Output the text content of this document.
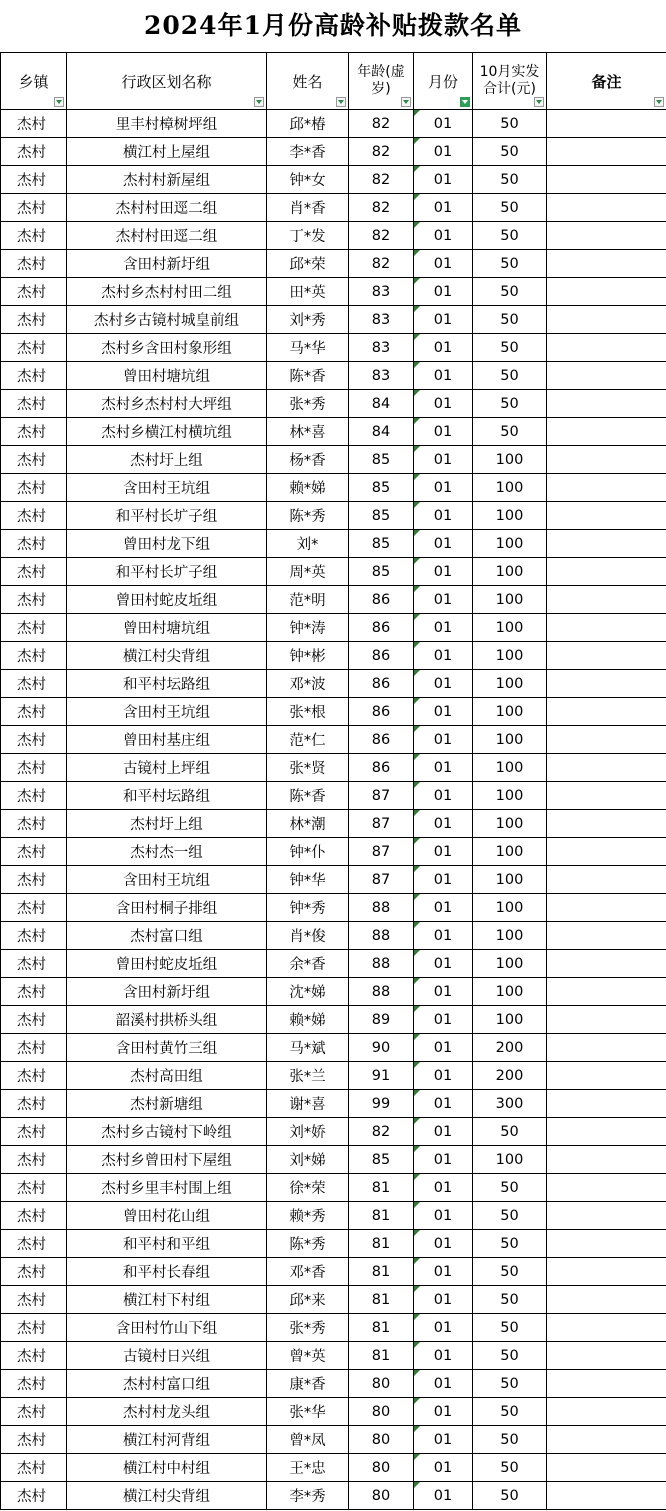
2024年1月份高龄补贴拨款名单
乡镇	行政区划名称	姓名	年龄(虚岁)	月份	10月实发合计(元)	备注

杰村	里丰村樟树坪组	邱*椿	82	01	50	
杰村	横江村上屋组	李*香	82	01	50	
杰村	杰村村新屋组	钟*女	82	01	50	
杰村	杰村村田逕二组	肖*香	82	01	50	
杰村	杰村村田逕二组	丁*发	82	01	50	
杰村	含田村新圩组	邱*荣	82	01	50	
杰村	杰村乡杰村村田二组	田*英	83	01	50	
杰村	杰村乡古镜村城皇前组	刘*秀	83	01	50	
杰村	杰村乡含田村象形组	马*华	83	01	50	
杰村	曾田村塘坑组	陈*香	83	01	50	
杰村	杰村乡杰村村大坪组	张*秀	84	01	50	
杰村	杰村乡横江村横坑组	林*喜	84	01	50	
杰村	杰村圩上组	杨*香	85	01	100	
杰村	含田村王坑组	赖*娣	85	01	100	
杰村	和平村长圹子组	陈*秀	85	01	100	
杰村	曾田村龙下组	刘*	85	01	100	
杰村	和平村长圹子组	周*英	85	01	100	
杰村	曾田村蛇皮坵组	范*明	86	01	100	
杰村	曾田村塘坑组	钟*涛	86	01	100	
杰村	横江村尖背组	钟*彬	86	01	100	
杰村	和平村坛路组	邓*波	86	01	100	
杰村	含田村王坑组	张*根	86	01	100	
杰村	曾田村基庄组	范*仁	86	01	100	
杰村	古镜村上坪组	张*贤	86	01	100	
杰村	和平村坛路组	陈*香	87	01	100	
杰村	杰村圩上组	林*潮	87	01	100	
杰村	杰村杰一组	钟*仆	87	01	100	
杰村	含田村王坑组	钟*华	87	01	100	
杰村	含田村桐子排组	钟*秀	88	01	100	
杰村	杰村富口组	肖*俊	88	01	100	
杰村	曾田村蛇皮坵组	余*香	88	01	100	
杰村	含田村新圩组	沈*娣	88	01	100	
杰村	韶溪村拱桥头组	赖*娣	89	01	100	
杰村	含田村黄竹三组	马*斌	90	01	200	
杰村	杰村高田组	张*兰	91	01	200	
杰村	杰村新塘组	谢*喜	99	01	300	
杰村	杰村乡古镜村下岭组	刘*娇	82	01	50	
杰村	杰村乡曾田村下屋组	刘*娣	85	01	100	
杰村	杰村乡里丰村围上组	徐*荣	81	01	50	
杰村	曾田村花山组	赖*秀	81	01	50	
杰村	和平村和平组	陈*秀	81	01	50	
杰村	和平村长春组	邓*香	81	01	50	
杰村	横江村下村组	邱*来	81	01	50	
杰村	含田村竹山下组	张*秀	81	01	50	
杰村	古镜村日兴组	曾*英	81	01	50	
杰村	杰村村富口组	康*香	80	01	50	
杰村	杰村村龙头组	张*华	80	01	50	
杰村	横江村河背组	曾*凤	80	01	50	
杰村	横江村中村组	王*忠	80	01	50	
杰村	横江村尖背组	李*秀	80	01	50	
